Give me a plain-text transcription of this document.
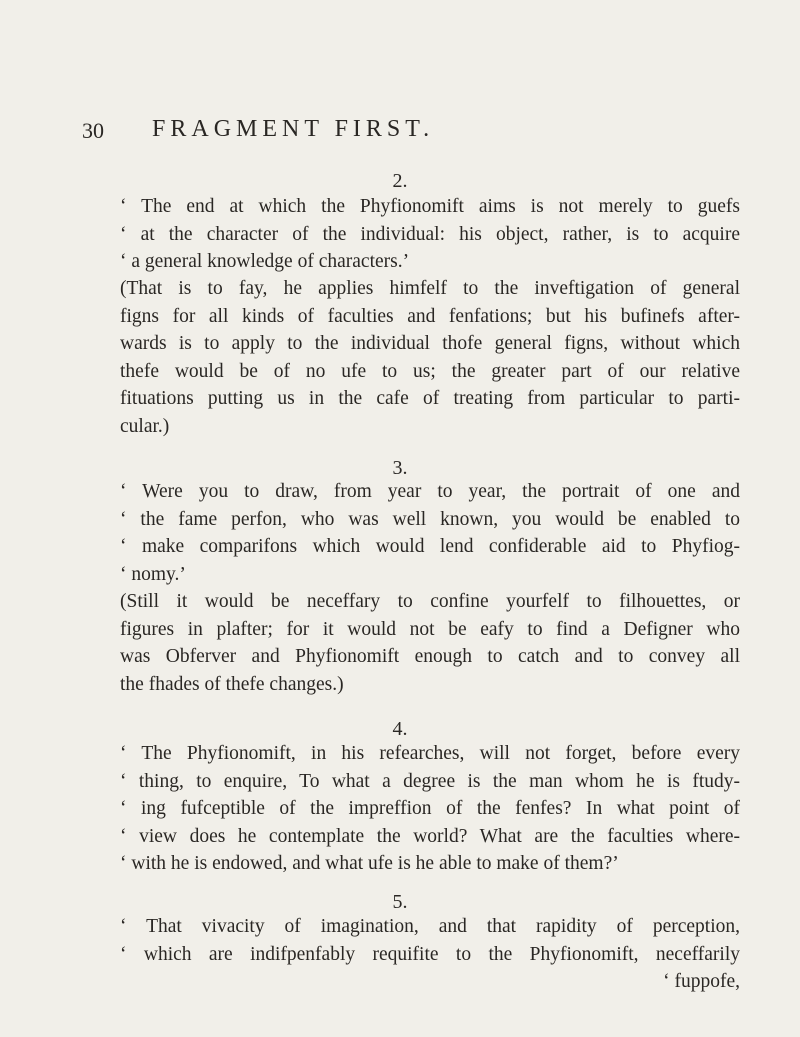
30 FRAGMENT FIRST.
2.

‘ The end at which the Phyfionomift aims is not merely to guefs
‘ at the character of the individual: his object, rather, is to acquire
‘ a general knowledge of characters.’

(That is to fay, he applies himfelf to the inveftigation of general
figns for all kinds of faculties and fenfations; but his bufinefs after-
wards is to apply to the individual thofe general figns, without which
thefe would be of no ufe to us; the greater part of our relative
fituations putting us in the cafe of treating from particular to parti-
cular.)

3.

‘ Were you to draw, from year to year, the portrait of one and
‘ the fame perfon, who was well known, you would be enabled to
‘ make comparifons which would lend confiderable aid to Phyfiog-
‘ nomy.’

(Still it would be neceffary to confine yourfelf to filhouettes, or
figures in plafter; for it would not be eafy to find a Defigner who
was Obferver and Phyfionomift enough to catch and to convey all
the fhades of thefe changes.)

4.

‘ The Phyfionomift, in his refearches, will not forget, before every
‘ thing, to enquire, To what a degree is the man whom he is ftudy-
‘ ing fufceptible of the impreffion of the fenfes? In what point of
‘ view does he contemplate the world? What are the faculties where-
‘ with he is endowed, and what ufe is he able to make of them?’

5.

‘ That vivacity of imagination, and that rapidity of perception,
‘ which are indifpenfably requifite to the Phyfionomift, neceffarily
‘ fuppofe,
